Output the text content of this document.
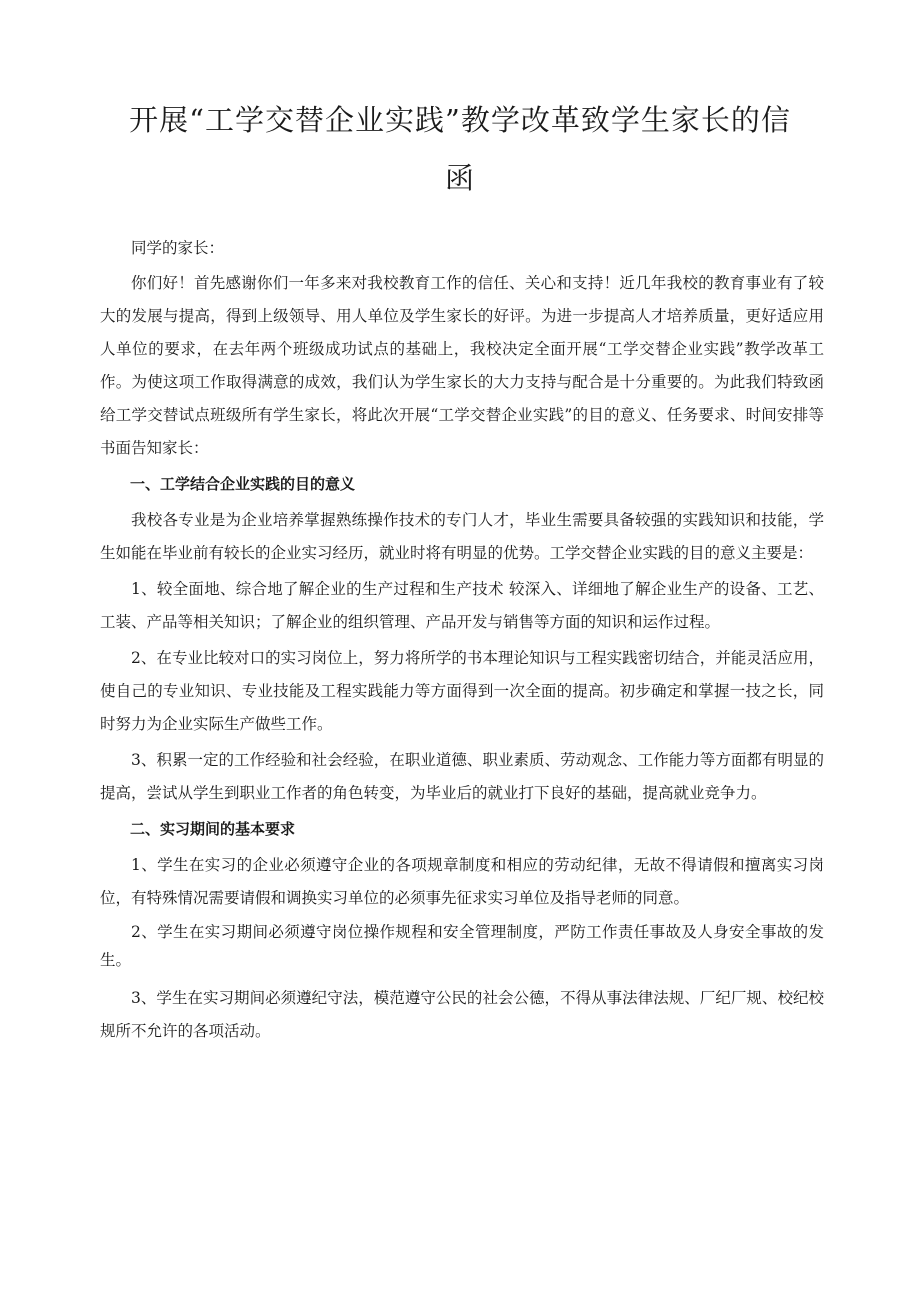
开展“工学交替企业实践”教学改革致学生家长的信
函

同学的家长：

你们好！首先感谢你们一年多来对我校教育工作的信任、关心和支持！近几年我校的教育事业有了较大的发展与提高，得到上级领导、用人单位及学生家长的好评。为进一步提高人才培养质量，更好适应用人单位的要求，在去年两个班级成功试点的基础上，我校决定全面开展“工学交替企业实践”教学改革工作。为使这项工作取得满意的成效，我们认为学生家长的大力支持与配合是十分重要的。为此我们特致函给工学交替试点班级所有学生家长，将此次开展“工学交替企业实践”的目的意义、任务要求、时间安排等书面告知家长：

一、工学结合企业实践的目的意义

我校各专业是为企业培养掌握熟练操作技术的专门人才，毕业生需要具备较强的实践知识和技能，学生如能在毕业前有较长的企业实习经历，就业时将有明显的优势。工学交替企业实践的目的意义主要是：

1、较全面地、综合地了解企业的生产过程和生产技术 较深入、详细地了解企业生产的设备、工艺、工装、产品等相关知识；了解企业的组织管理、产品开发与销售等方面的知识和运作过程。

2、在专业比较对口的实习岗位上，努力将所学的书本理论知识与工程实践密切结合，并能灵活应用，使自己的专业知识、专业技能及工程实践能力等方面得到一次全面的提高。初步确定和掌握一技之长，同时努力为企业实际生产做些工作。

3、积累一定的工作经验和社会经验，在职业道德、职业素质、劳动观念、工作能力等方面都有明显的提高，尝试从学生到职业工作者的角色转变，为毕业后的就业打下良好的基础，提高就业竞争力。

二、实习期间的基本要求

1、学生在实习的企业必须遵守企业的各项规章制度和相应的劳动纪律，无故不得请假和擅离实习岗位，有特殊情况需要请假和调换实习单位的必须事先征求实习单位及指导老师的同意。

2、学生在实习期间必须遵守岗位操作规程和安全管理制度，严防工作责任事故及人身安全事故的发生。

3、学生在实习期间必须遵纪守法，模范遵守公民的社会公德，不得从事法律法规、厂纪厂规、校纪校规所不允许的各项活动。
